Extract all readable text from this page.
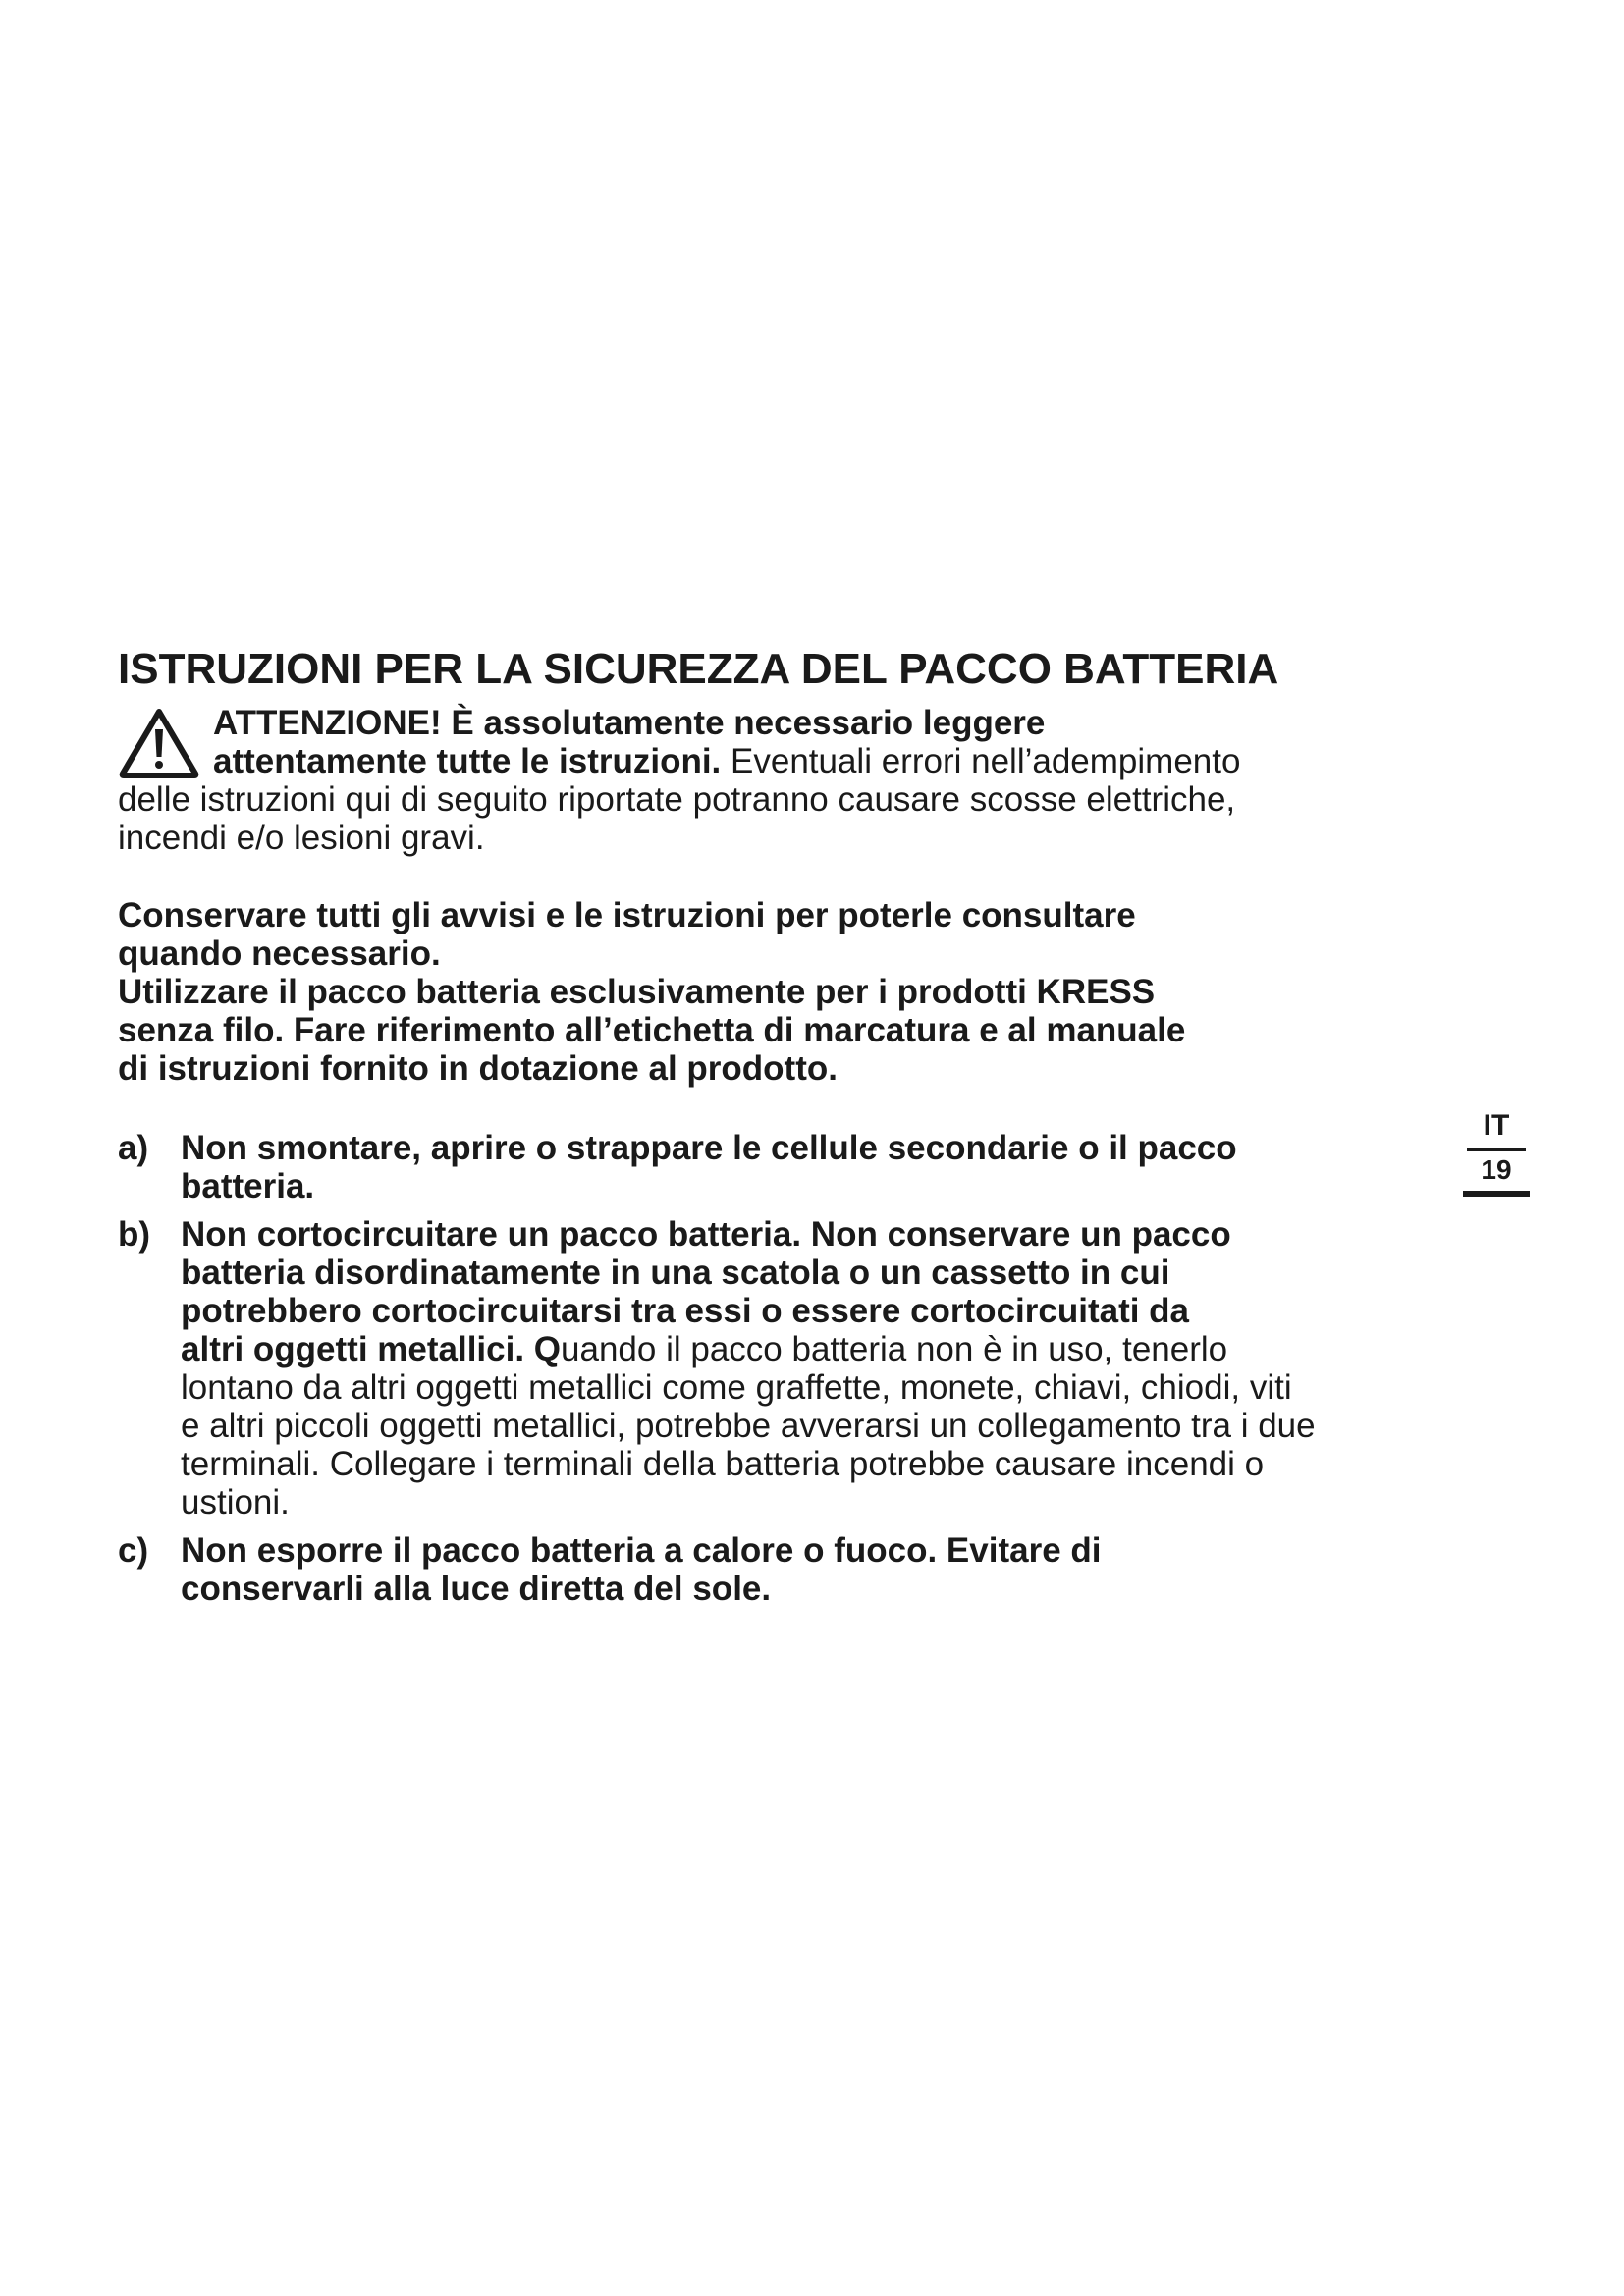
ISTRUZIONI PER LA SICUREZZA DEL PACCO BATTERIA
ATTENZIONE! È assolutamente necessario leggere
attentamente tutte le istruzioni. Eventuali errori nell’adempimento
delle istruzioni qui di seguito riportate potranno causare scosse elettriche,
incendi e/o lesioni gravi.

Conservare tutti gli avvisi e le istruzioni per poterle consultare
quando necessario.
Utilizzare il pacco batteria esclusivamente per i prodotti KRESS
senza filo. Fare riferimento all’etichetta di marcatura e al manuale
di istruzioni fornito in dotazione al prodotto.

a) Non smontare, aprire o strappare le cellule secondarie o il pacco
batteria.
b) Non cortocircuitare un pacco batteria. Non conservare un pacco
batteria disordinatamente in una scatola o un cassetto in cui
potrebbero cortocircuitarsi tra essi o essere cortocircuitati da
altri oggetti metallici. Quando il pacco batteria non è in uso, tenerlo
lontano da altri oggetti metallici come graffette, monete, chiavi, chiodi, viti
e altri piccoli oggetti metallici, potrebbe avverarsi un collegamento tra i due
terminali. Collegare i terminali della batteria potrebbe causare incendi o
ustioni.
c) Non esporre il pacco batteria a calore o fuoco. Evitare di
conservarli alla luce diretta del sole.
IT
19
